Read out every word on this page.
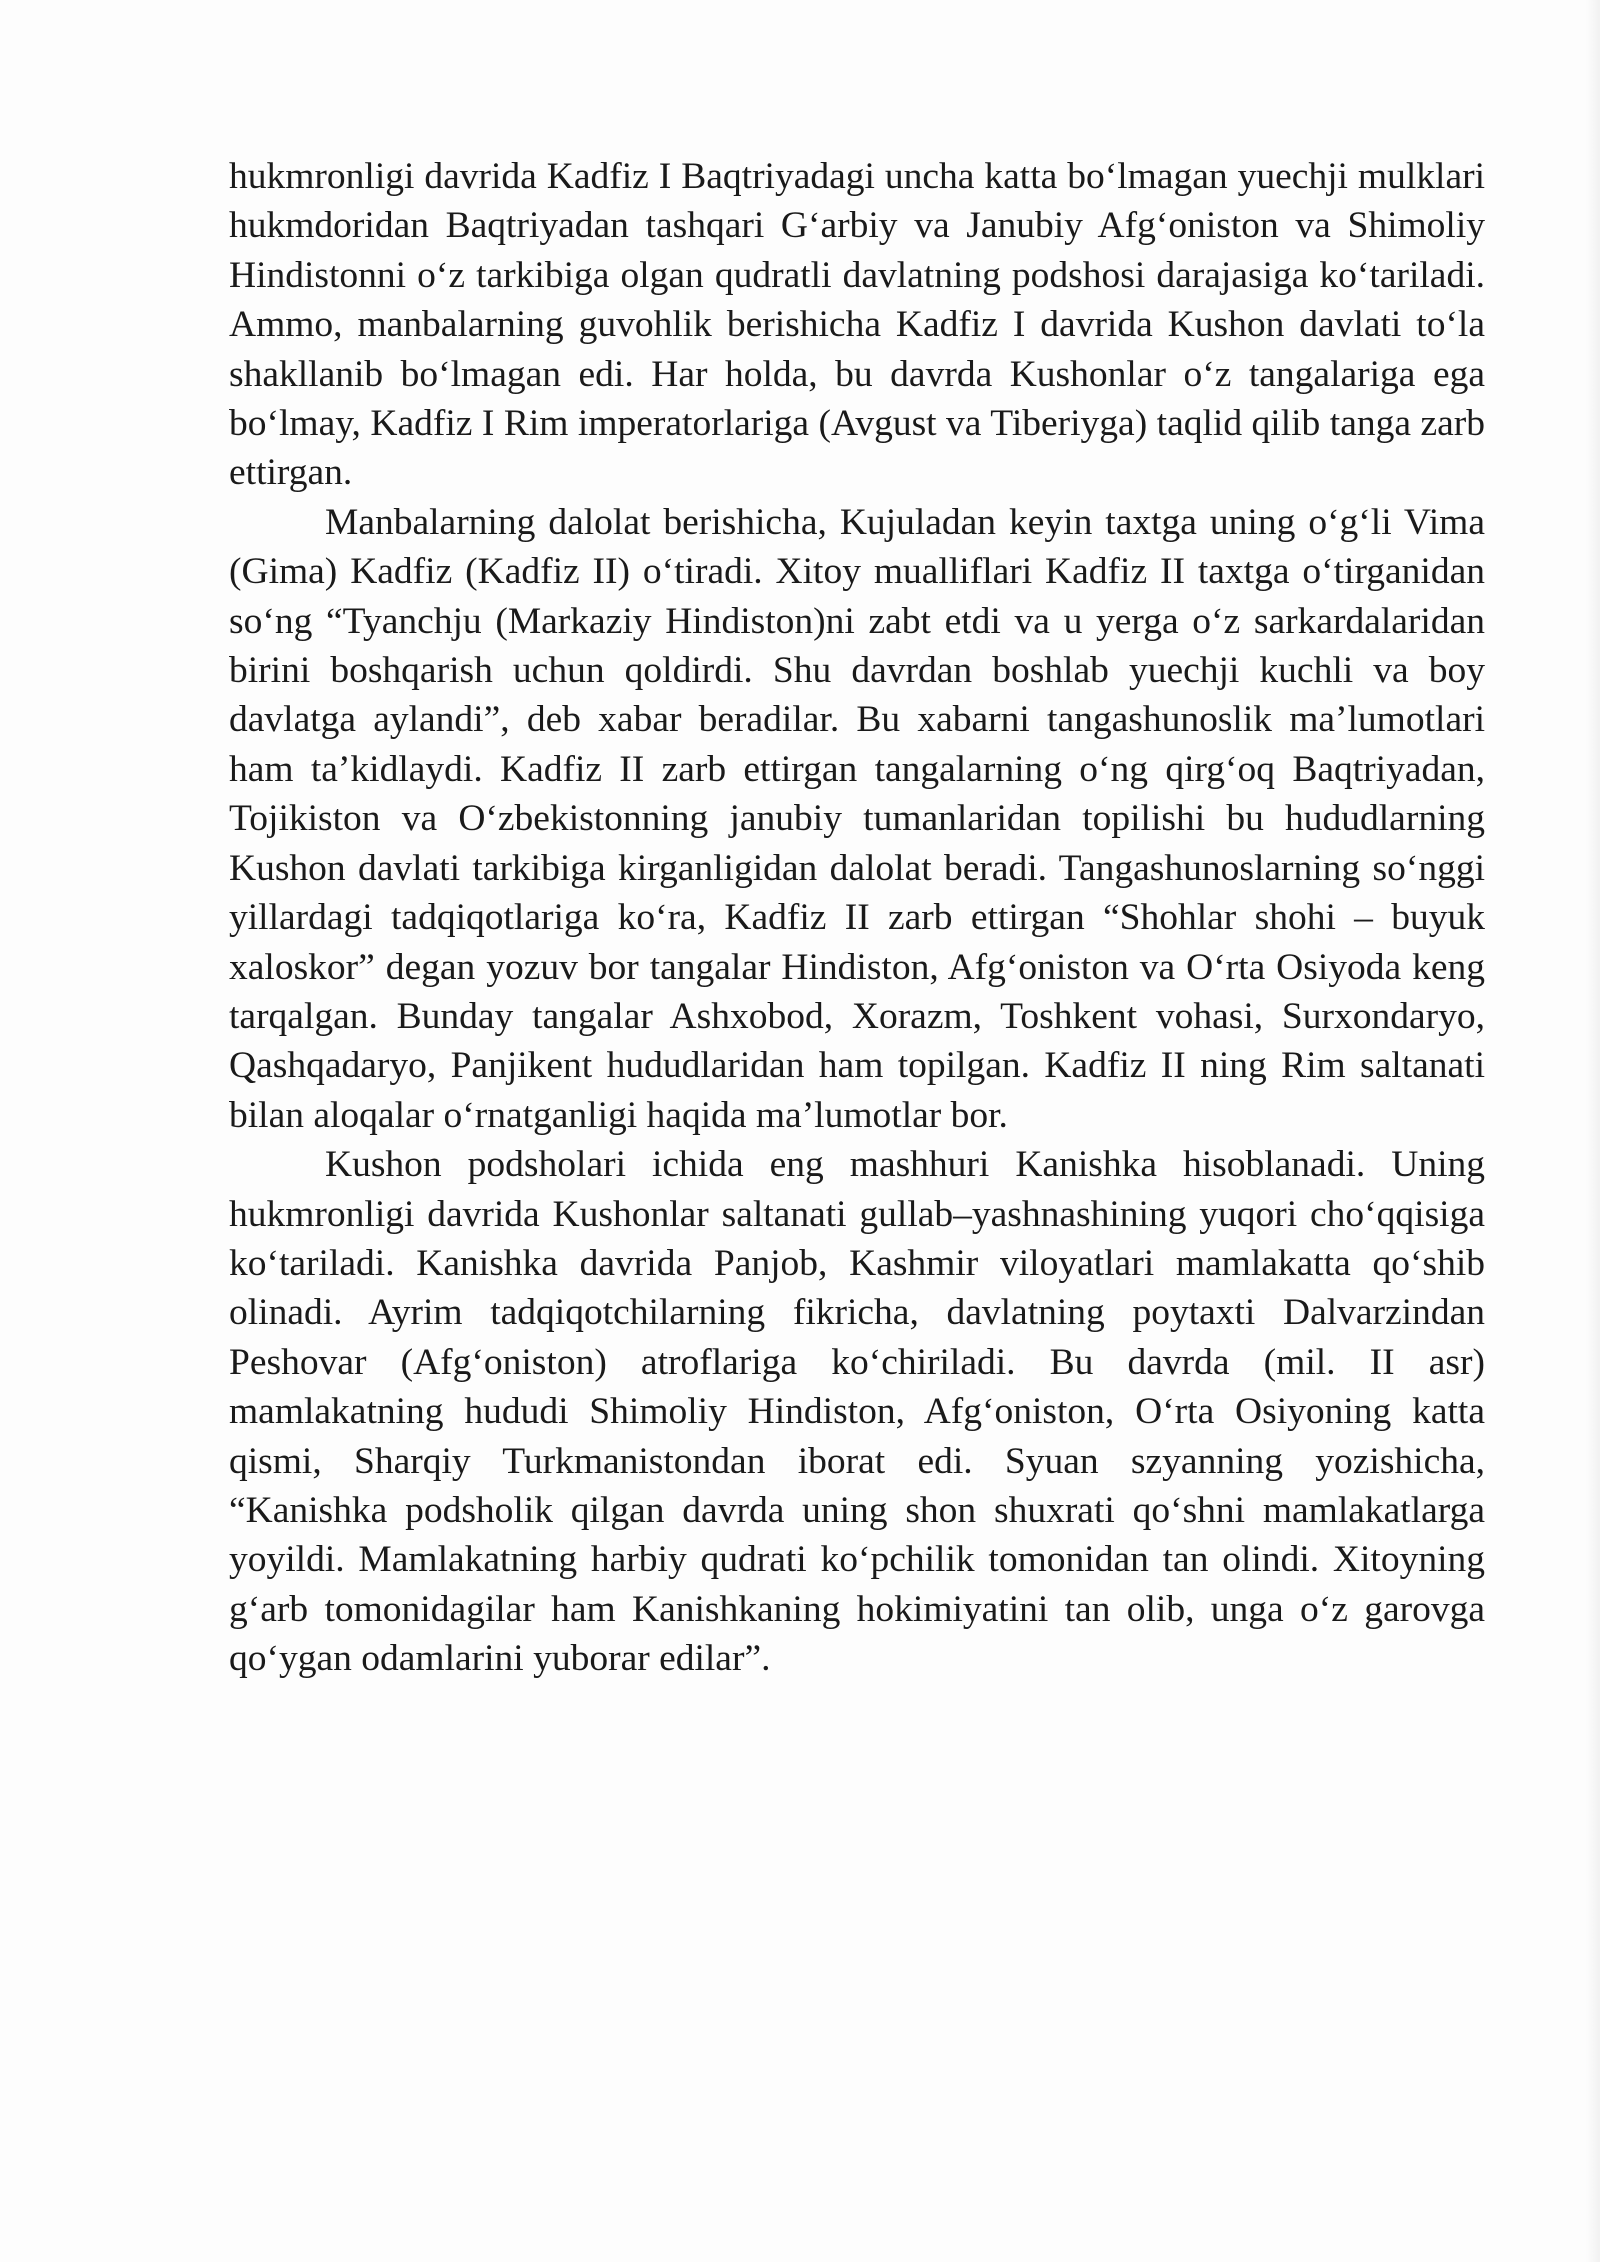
hukmronligi davrida Kadfiz I Baqtriyadagi uncha katta bo‘lmagan yuechji mulklari hukmdoridan Baqtriyadan tashqari G‘arbiy va Janubiy Afg‘oniston va Shimoliy Hindistonni o‘z tarkibiga olgan qudratli davlatning podshosi darajasiga ko‘tariladi. Ammo, manbalarning guvohlik berishicha Kadfiz I davrida Kushon davlati to‘la shakllanib bo‘lmagan edi. Har holda, bu davrda Kushonlar o‘z tangalariga ega bo‘lmay, Kadfiz I Rim imperatorlariga (Avgust va Tiberiyga) taqlid qilib tanga zarb ettirgan.

Manbalarning dalolat berishicha, Kujuladan keyin taxtga uning o‘g‘li Vima (Gima) Kadfiz (Kadfiz II) o‘tiradi. Xitoy mualliflari Kadfiz II taxtga o‘tirganidan so‘ng “Tyanchju (Markaziy Hindiston)ni zabt etdi va u yerga o‘z sarkardalaridan birini boshqarish uchun qoldirdi. Shu davrdan boshlab yuechji kuchli va boy davlatga aylandi”, deb xabar beradilar. Bu xabarni tangashunoslik ma’lumotlari ham ta’kidlaydi. Kadfiz II zarb ettirgan tangalarning o‘ng qirg‘oq Baqtriyadan, Tojikiston va O‘zbekistonning janubiy tumanlaridan topilishi bu hududlarning Kushon davlati tarkibiga kirganligidan dalolat beradi. Tangashunoslarning so‘nggi yillardagi tadqiqotlariga ko‘ra, Kadfiz II zarb ettirgan “Shohlar shohi – buyuk xaloskor” degan yozuv bor tangalar Hindiston, Afg‘oniston va O‘rta Osiyoda keng tarqalgan. Bunday tangalar Ashxobod, Xorazm, Toshkent vohasi, Surxondaryo, Qashqadaryo, Panjikent hududlaridan ham topilgan. Kadfiz II ning Rim saltanati bilan aloqalar o‘rnatganligi haqida ma’lumotlar bor.

Kushon podsholari ichida eng mashhuri Kanishka hisoblanadi. Uning hukmronligi davrida Kushonlar saltanati gullab–yashnashining yuqori cho‘qqisiga ko‘tariladi. Kanishka davrida Panjob, Kashmir viloyatlari mamlakatta qo‘shib olinadi. Ayrim tadqiqotchilarning fikricha, davlatning poytaxti Dalvarzindan Peshovar (Afg‘oniston) atroflariga ko‘chiriladi. Bu davrda (mil. II asr) mamlakatning hududi Shimoliy Hindiston, Afg‘oniston, O‘rta Osiyoning katta qismi, Sharqiy Turkmanistondan iborat edi. Syuan szyanning yozishicha, “Kanishka podsholik qilgan davrda uning shon shuxrati qo‘shni mamlakatlarga yoyildi. Mamlakatning harbiy qudrati ko‘pchilik tomonidan tan olindi. Xitoyning g‘arb tomonidagilar ham Kanishkaning hokimiyatini tan olib, unga o‘z garovga qo‘ygan odamlarini yuborar edilar”.
